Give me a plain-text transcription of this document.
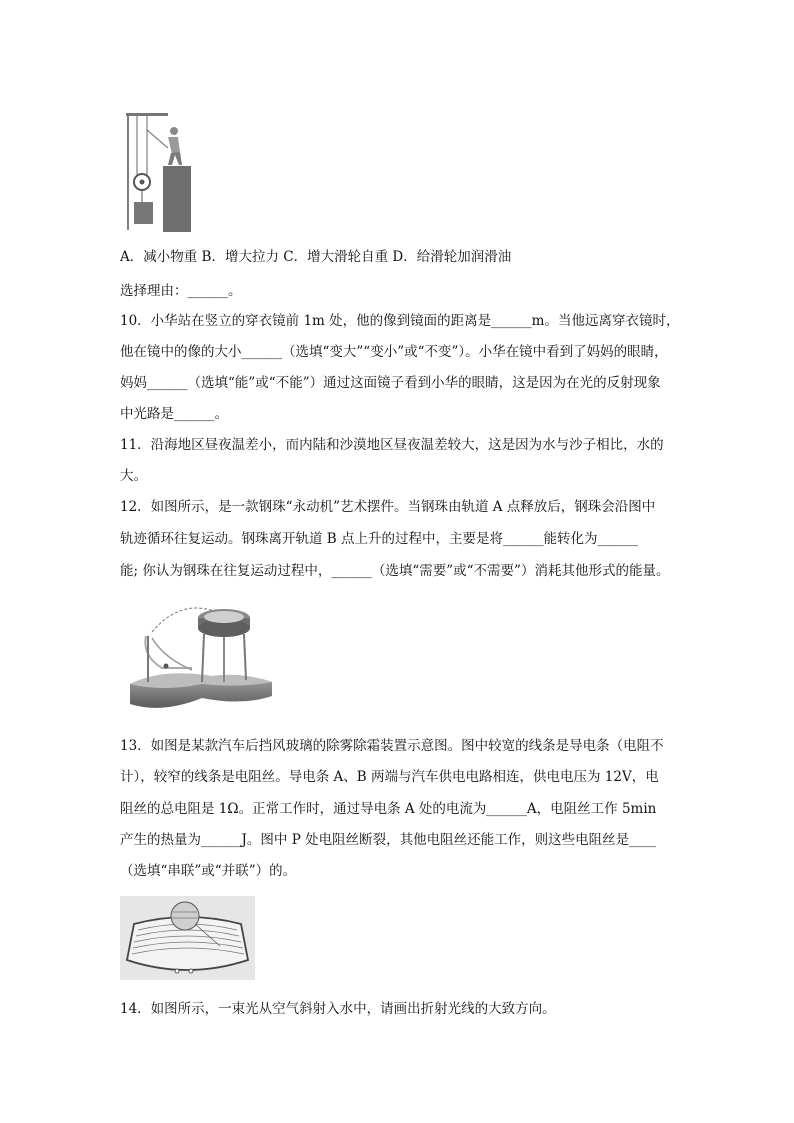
A．减小物重 B．增大拉力 C．增大滑轮自重 D．给滑轮加润滑油
选择理由：______。
10．小华站在竖立的穿衣镜前 1m 处，他的像到镜面的距离是______m。当他远离穿衣镜时，
他在镜中的像的大小______（选填“变大”“变小”或“不变”）。小华在镜中看到了妈妈的眼睛，
妈妈______（选填“能”或“不能”）通过这面镜子看到小华的眼睛，这是因为在光的反射现象
中光路是______。
11．沿海地区昼夜温差小，而内陆和沙漠地区昼夜温差较大，这是因为水与沙子相比，水的
大。
12．如图所示，是一款钢珠“永动机”艺术摆件。当钢珠由轨道 A 点释放后，钢珠会沿图中
轨迹循环往复运动。钢珠离开轨道 B 点上升的过程中，主要是将______能转化为______
能; 你认为钢珠在往复运动过程中，______（选填“需要”或“不需要”）消耗其他形式的能量。
13．如图是某款汽车后挡风玻璃的除雾除霜装置示意图。图中较宽的线条是导电条（电阻不
计），较窄的线条是电阻丝。导电条 A、B 两端与汽车供电电路相连，供电电压为 12V，电
阻丝的总电阻是 1Ω。正常工作时，通过导电条 A 处的电流为______A，电阻丝工作 5min
产生的热量为______J。图中 P 处电阻丝断裂，其他电阻丝还能工作，则这些电阻丝是____
（选填“串联”或“并联”）的。
14．如图所示，一束光从空气斜射入水中，请画出折射光线的大致方向。
